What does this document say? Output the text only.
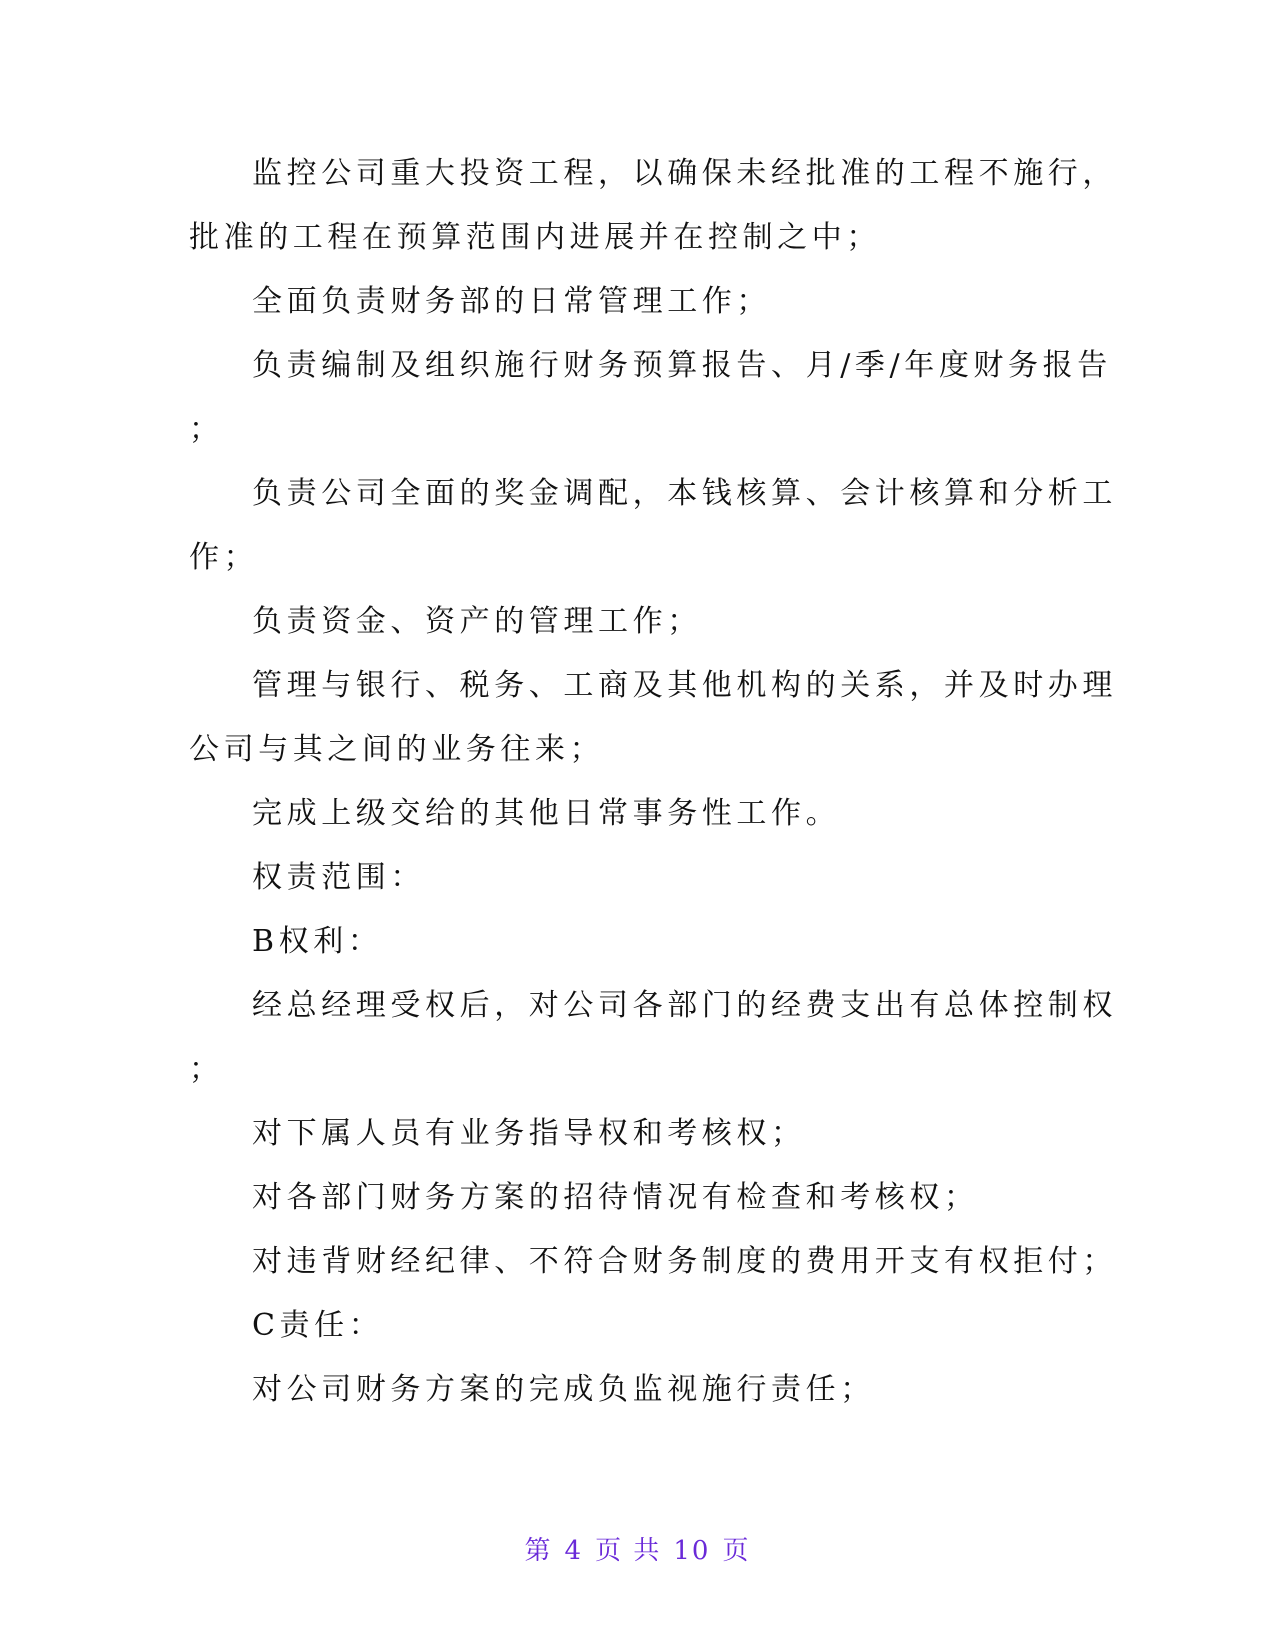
监控公司重大投资工程，以确保未经批准的工程不施行，
批准的工程在预算范围内进展并在控制之中；
全面负责财务部的日常管理工作；
负责编制及组织施行财务预算报告、月/季/年度财务报告
；
负责公司全面的奖金调配，本钱核算、会计核算和分析工
作；
负责资金、资产的管理工作；
管理与银行、税务、工商及其他机构的关系，并及时办理
公司与其之间的业务往来；
完成上级交给的其他日常事务性工作。
权责范围：
B权利：
经总经理受权后，对公司各部门的经费支出有总体控制权
；
对下属人员有业务指导权和考核权；
对各部门财务方案的招待情况有检查和考核权；
对违背财经纪律、不符合财务制度的费用开支有权拒付；
C责任：
对公司财务方案的完成负监视施行责任；
第 4 页 共 10 页
